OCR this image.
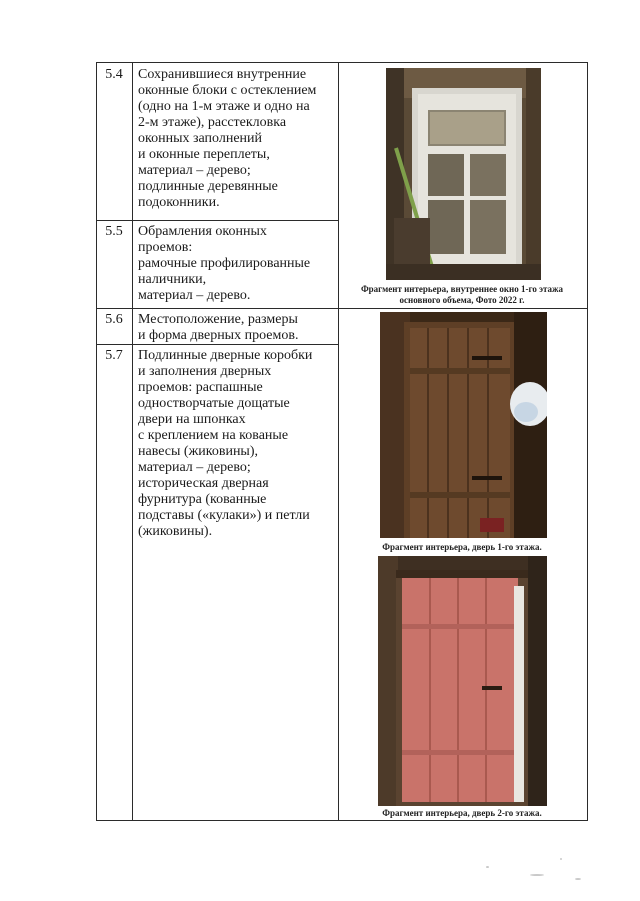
5.4
5.5
5.6
5.7
Сохранившиеся внутренние
оконные блоки с остеклением
(одно на 1-м этаже и одно на
2-м этаже), расстекловка
оконных заполнений
и оконные переплеты,
материал – дерево;
подлинные деревянные
подоконники.
Обрамления оконных
проемов:
рамочные профилированные
наличники,
материал – дерево.
Местоположение, размеры
и форма дверных проемов.
Подлинные дверные коробки
и заполнения дверных
проемов: распашные
одностворчатые дощатые
двери на шпонках
с креплением на кованые
навесы (жиковины),
материал – дерево;
историческая дверная
фурнитура (кованные
подставы («кулаки») и петли
(жиковины).
Фрагмент интерьера, внутреннее окно 1-го этажа
основного объема, Фото 2022 г.
Фрагмент интерьера, дверь 1-го этажа.
Фрагмент интерьера, дверь 2-го этажа.
